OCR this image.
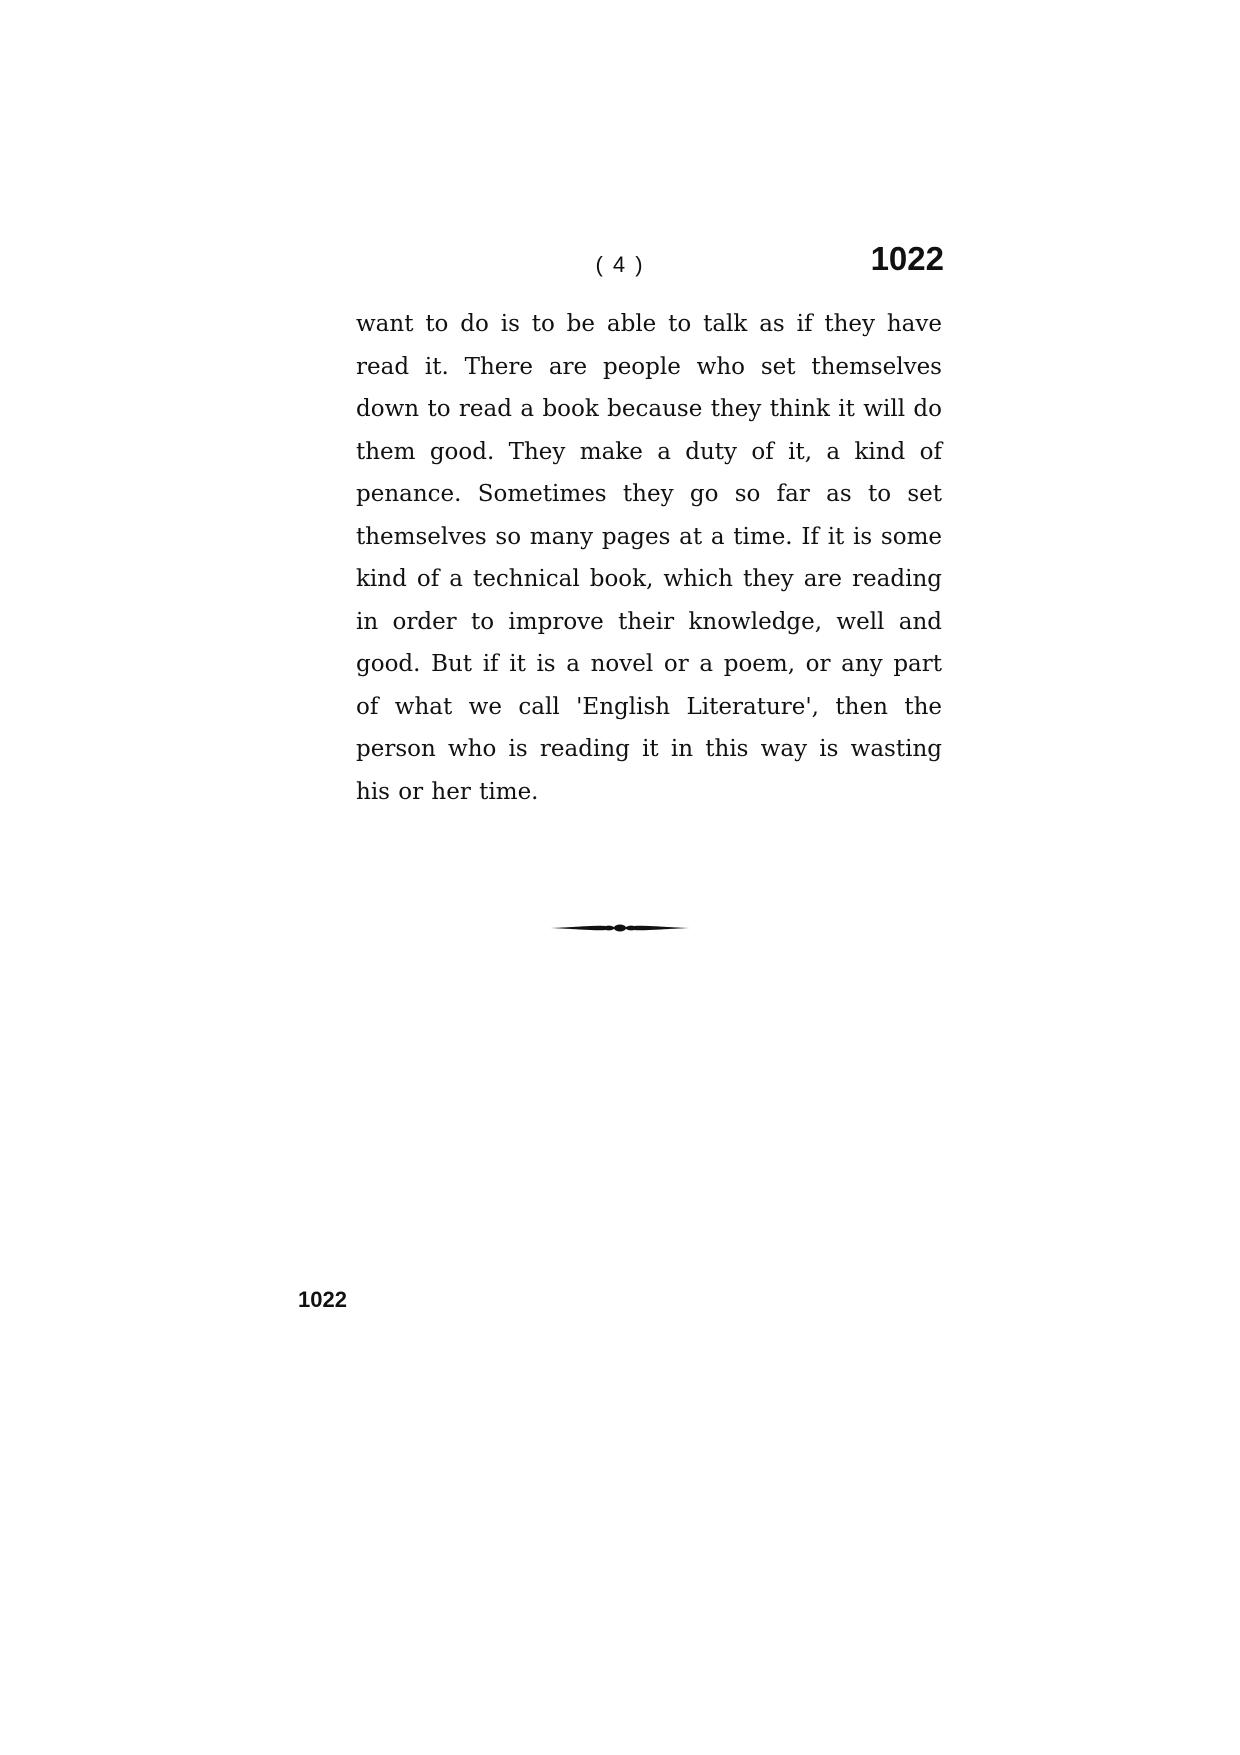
( 4 )	1022

want to do is to be able to talk as if they have read it. There are people who set themselves down to read a book because they think it will do them good. They make a duty of it, a kind of penance. Sometimes they go so far as to set themselves so many pages at a time. If it is some kind of a technical book, which they are reading in order to improve their knowledge, well and good. But if it is a novel or a poem, or any part of what we call 'English Literature', then the person who is reading it in this way is wasting his or her time.

1022
